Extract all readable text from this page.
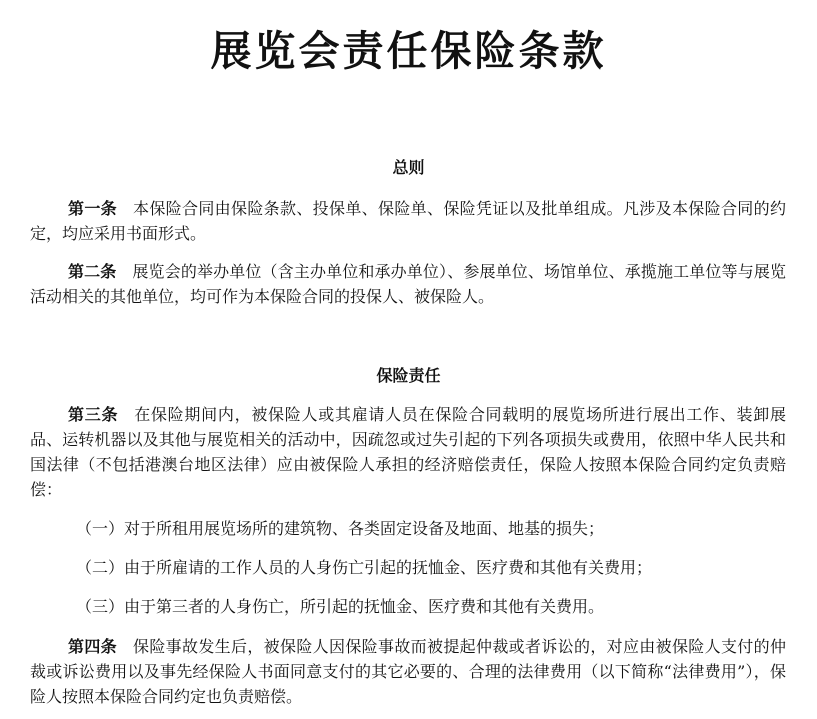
展览会责任保险条款
总则

第一条 本保险合同由保险条款、投保单、保险单、保险凭证以及批单组成。凡涉及本保险合同的约定，均应采用书面形式。

第二条 展览会的举办单位（含主办单位和承办单位）、参展单位、场馆单位、承揽施工单位等与展览活动相关的其他单位，均可作为本保险合同的投保人、被保险人。

保险责任

第三条 在保险期间内，被保险人或其雇请人员在保险合同载明的展览场所进行展出工作、装卸展品、运转机器以及其他与展览相关的活动中，因疏忽或过失引起的下列各项损失或费用，依照中华人民共和国法律（不包括港澳台地区法律）应由被保险人承担的经济赔偿责任，保险人按照本保险合同约定负责赔偿：

（一）对于所租用展览场所的建筑物、各类固定设备及地面、地基的损失；
（二）由于所雇请的工作人员的人身伤亡引起的抚恤金、医疗费和其他有关费用；
（三）由于第三者的人身伤亡，所引起的抚恤金、医疗费和其他有关费用。

第四条 保险事故发生后，被保险人因保险事故而被提起仲裁或者诉讼的，对应由被保险人支付的仲裁或诉讼费用以及事先经保险人书面同意支付的其它必要的、合理的法律费用（以下简称“法律费用”），保险人按照本保险合同约定也负责赔偿。
